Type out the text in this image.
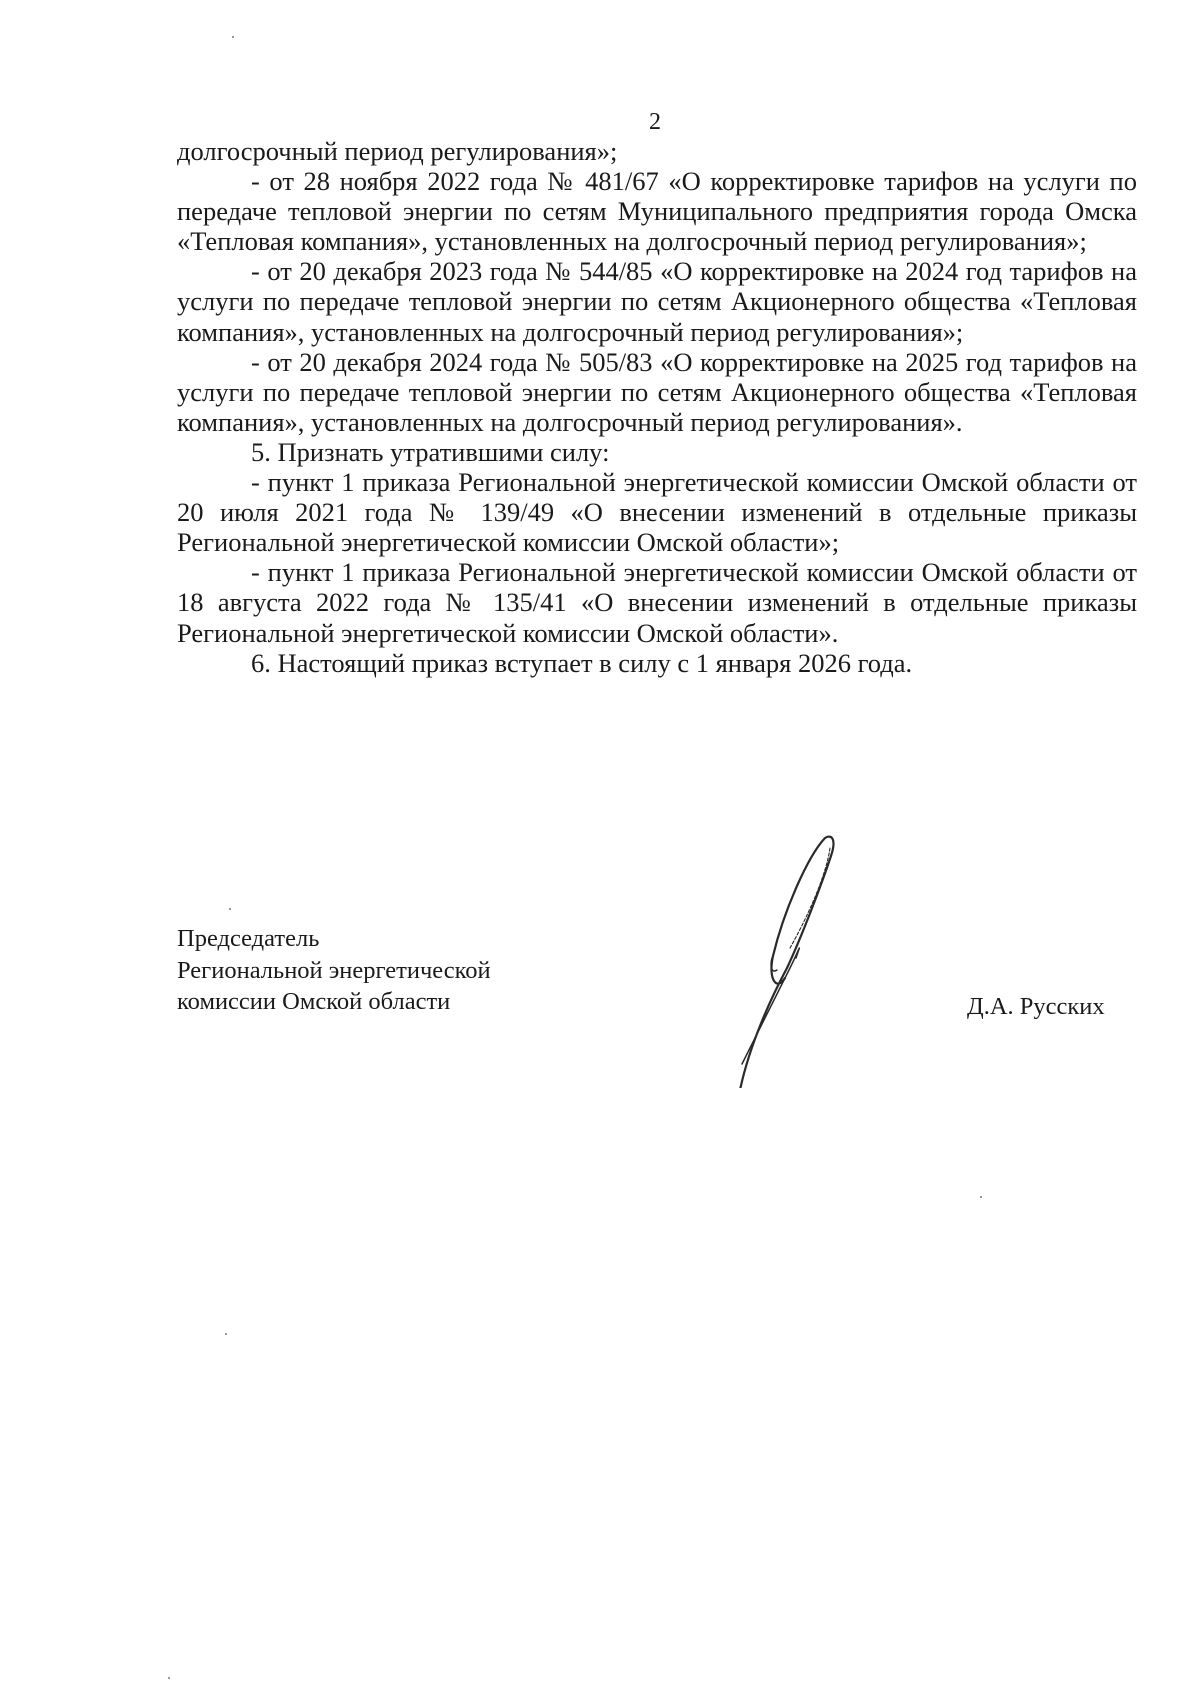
2

долгосрочный период регулирования»;

- от 28 ноября 2022 года № 481/67 «О корректировке тарифов на услуги по передаче тепловой энергии по сетям Муниципального предприятия города Омска «Тепловая компания», установленных на долгосрочный период регулирования»;

- от 20 декабря 2023 года № 544/85 «О корректировке на 2024 год тарифов на услуги по передаче тепловой энергии по сетям Акционерного общества «Тепловая компания», установленных на долгосрочный период регулирования»;

- от 20 декабря 2024 года № 505/83 «О корректировке на 2025 год тарифов на услуги по передаче тепловой энергии по сетям Акционерного общества «Тепловая компания», установленных на долгосрочный период регулирования».

5. Признать утратившими силу:

- пункт 1 приказа Региональной энергетической комиссии Омской области от 20 июля 2021 года № 139/49 «О внесении изменений в отдельные приказы Региональной энергетической комиссии Омской области»;

- пункт 1 приказа Региональной энергетической комиссии Омской области от 18 августа 2022 года № 135/41 «О внесении изменений в отдельные приказы Региональной энергетической комиссии Омской области».

6. Настоящий приказ вступает в силу с 1 января 2026 года.

Председатель
Региональной энергетической
комиссии Омской области	Д.А. Русских
